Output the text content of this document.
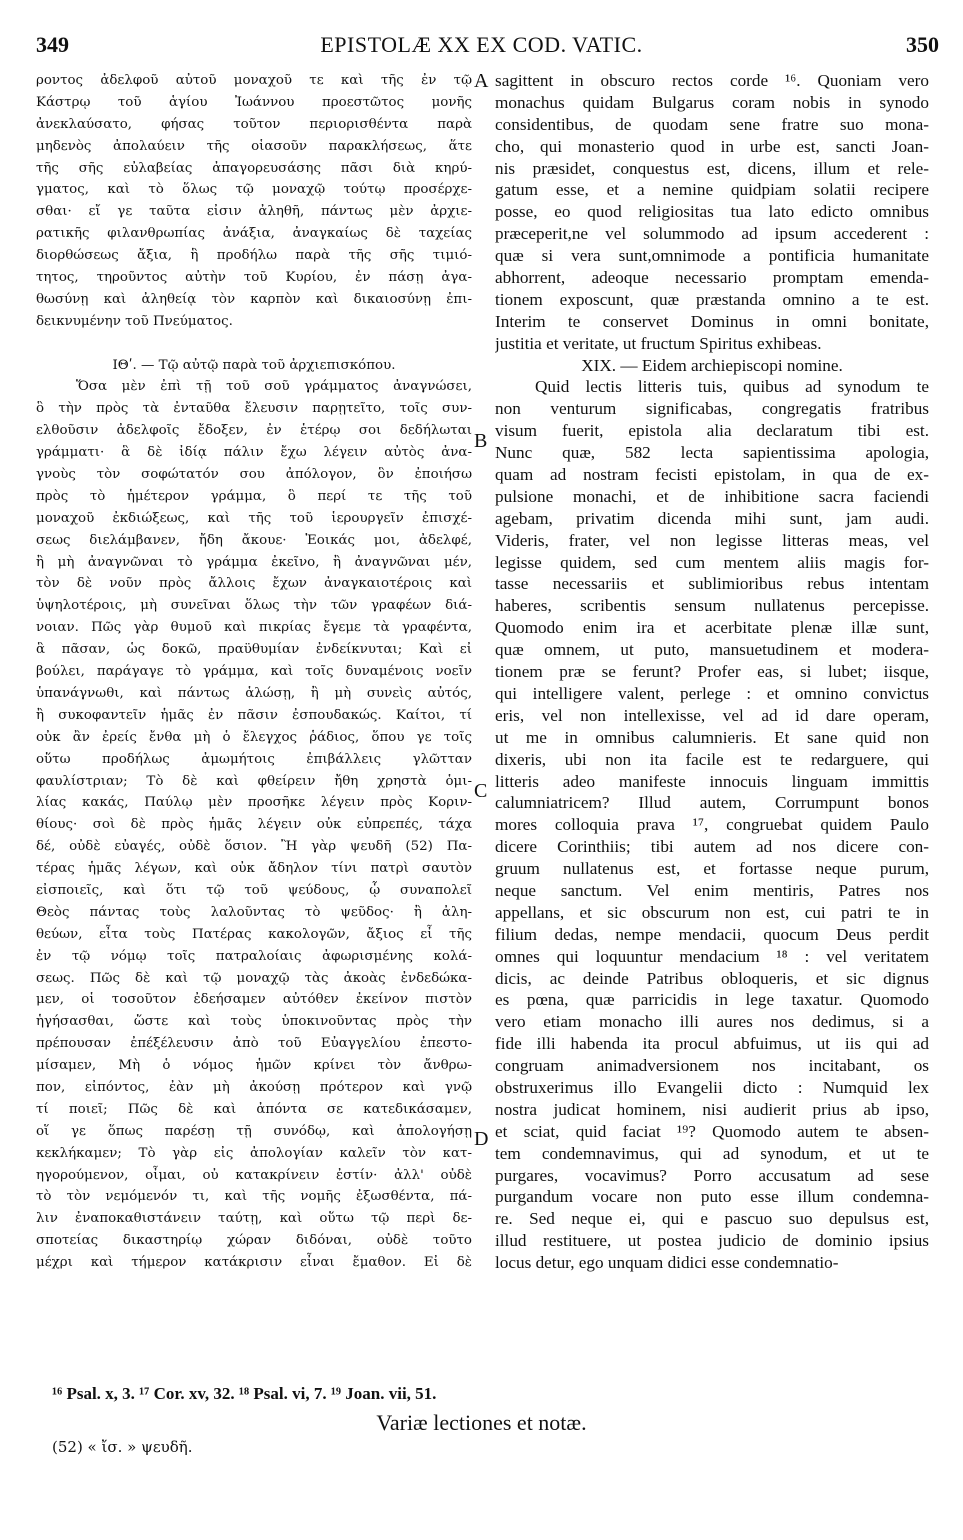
349	EPISTOLÆ XX EX COD. VATIC.	350
ροντος ἀδελφοῦ αὐτοῦ μοναχοῦ τε καὶ τῆς ἐν τῷ
Κάστρῳ τοῦ ἁγίου Ἰωάννου προεστῶτος μονῆς
ἀνεκλαύσατο, φήσας τοῦτον περιορισθέντα παρὰ
μηδενὸς ἀπολαύειν τῆς οἱασοῦν παρακλήσεως, ἅτε
τῆς σῆς εὐλαβείας ἀπαγορευσάσης πᾶσι διὰ κηρύ-
γματος, καὶ τὸ ὅλως τῷ μοναχῷ τούτῳ προσέρχε-
σθαι· εἴ γε ταῦτα εἰσιν ἀληθῆ, πάντως μὲν ἀρχιε-
ρατικῆς φιλανθρωπίας ἀνάξια, ἀναγκαίως δὲ ταχείας
διορθώσεως ἄξια, ἣ προδήλω παρὰ τῆς σῆς τιμιό-
τητος, τηροῦντος αὐτὴν τοῦ Κυρίου, ἐν πάσῃ ἀγα-
θωσύνῃ καὶ ἀληθείᾳ τὸν καρπὸν καὶ δικαιοσύνῃ ἐπι-
δεικνυμένην τοῦ Πνεύματος.
ΙΘʹ. — Τῷ αὐτῷ παρὰ τοῦ ἀρχιεπισκόπου.
Ὅσα μὲν ἐπὶ τῇ τοῦ σοῦ γράμματος ἀναγνώσει,
ὃ τὴν πρὸς τὰ ἐνταῦθα ἔλευσιν παρῃτεῖτο, τοῖς συν-
ελθοῦσιν ἀδελφοῖς ἔδοξεν, ἐν ἑτέρῳ σοι δεδήλωται
γράμματι· ἃ δὲ ἰδίᾳ πάλιν ἔχω λέγειν αὐτὸς ἀνα-
γνοὺς τὸν σοφώτατόν σου ἀπόλογον, ὃν ἐποιήσω
πρὸς τὸ ἡμέτερον γράμμα, ὃ περί τε τῆς τοῦ
μοναχοῦ ἐκδιώξεως, καὶ τῆς τοῦ ἱερουργεῖν ἐπισχέ-
σεως διελάμβανεν, ἤδη ἄκουε· Ἐοικάς μοι, ἀδελφέ,
ἢ μὴ ἀναγνῶναι τὸ γράμμα ἐκεῖνο, ἢ ἀναγνῶναι μέν,
τὸν δὲ νοῦν πρὸς ἄλλοις ἔχων ἀναγκαιοτέροις καὶ
ὑψηλοτέροις, μὴ συνεῖναι ὅλως τὴν τῶν γραφέων διά-
νοιαν. Πῶς γὰρ θυμοῦ καὶ πικρίας ἔγεμε τὰ γραφέντα,
ἃ πᾶσαν, ὡς δοκῶ, πραϋθυμίαν ἐνδείκνυται; Καὶ εἰ
βούλει, παράγαγε τὸ γράμμα, καὶ τοῖς δυναμένοις νοεῖν
ὑπανάγνωθι, καὶ πάντως ἁλώσῃ, ἢ μὴ συνεὶς αὐτός,
ἢ συκοφαντεῖν ἡμᾶς ἐν πᾶσιν ἐσπουδακώς. Καίτοι, τί
οὐκ ἂν ἐρείς ἔνθα μὴ ὁ ἔλεγχος ῥάδιος, ὅπου γε τοῖς
οὕτω προδήλως ἀμωμήτοις ἐπιβάλλεις γλῶτταν
φαυλίστριαν; Τὸ δὲ καὶ φθείρειν ἤθη χρηστὰ ὁμι-
λίας κακάς, Παύλῳ μὲν προσῆκε λέγειν πρὸς Κοριν-
θίους· σοὶ δὲ πρὸς ἡμᾶς λέγειν οὐκ εὐπρεπές, τάχα
δέ, οὐδὲ εὐαγές, οὐδὲ ὅσιον. Ἢ γὰρ ψευδῆ (52) Πα-
τέρας ἡμᾶς λέγων, καὶ οὐκ ἄδηλον τίνι πατρὶ σαυτὸν
εἰσποιεῖς, καὶ ὅτι τῷ τοῦ ψεύδους, ᾧ συναπολεῖ
Θεὸς πάντας τοὺς λαλοῦντας τὸ ψεῦδος· ἢ ἀλη-
θεύων, εἶτα τοὺς Πατέρας κακολογῶν, ἄξιος εἶ τῆς
ἐν τῷ νόμῳ τοῖς πατραλοίαις ἀφωρισμένης κολά-
σεως. Πῶς δὲ καὶ τῷ μοναχῷ τὰς ἀκοὰς ἐνδεδώκα-
μεν, οἱ τοσοῦτον ἐδεήσαμεν αὐτόθεν ἐκείνον πιστὸν
ἡγήσασθαι, ὥστε καὶ τοὺς ὑποκινοῦντας πρὸς τὴν
πρέπουσαν ἐπέξέλευσιν ἀπὸ τοῦ Εὐαγγελίου ἐπεστο-
μίσαμεν, Μὴ ὁ νόμος ἡμῶν κρίνει τὸν ἄνθρω-
πον, εἰπόντος, ἐὰν μὴ ἀκούσῃ πρότερον καὶ γνῷ
τί ποιεῖ; Πῶς δὲ καὶ ἀπόντα σε κατεδικάσαμεν,
οἵ γε ὅπως παρέσῃ τῇ συνόδῳ, καὶ ἀπολογήσῃ
κεκλήκαμεν; Τὸ γὰρ εἰς ἀπολογίαν καλεῖν τὸν κατ-
ηγορούμενον, οἶμαι, οὐ κατακρίνειν ἐστίν· ἀλλ' οὐδὲ
τὸ τὸν νεμόμενόν τι, καὶ τῆς νομῆς ἐξωσθέντα, πά-
λιν ἐναποκαθιστάνειν ταύτῃ, καὶ οὕτω τῷ περὶ δε-
σποτείας δικαστηρίῳ χώραν διδόναι, οὐδὲ τοῦτο
μέχρι καὶ τήμερον κατάκρισιν εἶναι ἔμαθον. Εἰ δὲ
sagittent in obscuro rectos corde ¹⁶. Quoniam vero
monachus quidam Bulgarus coram nobis in synodo
considentibus, de quodam sene fratre suo mona-
cho, qui monasterio quod in urbe est, sancti Joan-
nis præsidet, conquestus est, dicens, illum et rele-
gatum esse, et a nemine quidpiam solatii recipere
posse, eo quod religiositas tua lato edicto omnibus
præceperit,ne vel solummodo ad ipsum accederent :
quæ si vera sunt,omnimode a pontificia humanitate
abhorrent, adeoque necessario promptam emenda-
tionem exposcunt, quæ præstanda omnino a te est.
Interim te conservet Dominus in omni bonitate,
justitia et veritate, ut fructum Spiritus exhibeas.
XIX. — Eidem archiepiscopi nomine.
Quid lectis litteris tuis, quibus ad synodum te
non venturum significabas, congregatis fratribus
visum fuerit, epistola alia declaratum tibi est.
Nunc quæ, 582 lecta sapientissima apologia,
quam ad nostram fecisti epistolam, in qua de ex-
pulsione monachi, et de inhibitione sacra faciendi
agebam, privatim dicenda mihi sunt, jam audi.
Videris, frater, vel non legisse litteras meas, vel
legisse quidem, sed cum mentem aliis magis for-
tasse necessariis et sublimioribus rebus intentam
haberes, scribentis sensum nullatenus percepisse.
Quomodo enim ira et acerbitate plenæ illæ sunt,
quæ omnem, ut puto, mansuetudinem et modera-
tionem præ se ferunt? Profer eas, si lubet; iisque,
qui intelligere valent, perlege : et omnino convictus
eris, vel non intellexisse, vel ad id dare operam,
ut me in omnibus calumnieris. Et sane quid non
dixeris, ubi non ita facile est te redarguere, qui
litteris adeo manifeste innocuis linguam immittis
calumniatricem? Illud autem, Corrumpunt bonos
mores colloquia prava ¹⁷, congruebat quidem Paulo
dicere Corinthiis; tibi autem ad nos dicere con-
gruum nullatenus est, et fortasse neque purum,
neque sanctum. Vel enim mentiris, Patres nos
appellans, et sic obscurum non est, cui patri te in
filium dedas, nempe mendacii, quocum Deus perdit
omnes qui loquuntur mendacium ¹⁸ : vel veritatem
dicis, ac deinde Patribus obloqueris, et sic dignus
es pœna, quæ parricidis in lege taxatur. Quomodo
vero etiam monacho illi aures nos dedimus, si a
fide illi habenda ita procul abfuimus, ut iis qui ad
congruam animadversionem nos incitabant, os
obstruxerimus illo Evangelii dicto : Numquid lex
nostra judicat hominem, nisi audierit prius ab ipso,
et sciat, quid faciat ¹⁹? Quomodo autem te absen-
tem condemnavimus, qui ad synodum, et ut te
purgares, vocavimus? Porro accusatum ad sese
purgandum vocare non puto esse illum condemna-
re. Sed neque ei, qui e pascuo suo depulsus est,
illud restituere, ut postea judicio de dominio ipsius
locus detur, ego unquam didici esse condemnatio-
A
B
C
D
¹⁶ Psal. x, 3. ¹⁷ Cor. xv, 32. ¹⁸ Psal. vi, 7. ¹⁹ Joan. vii, 51.
Variæ lectiones et notæ.
(52) « ἴσ. » ψευδῆ.
